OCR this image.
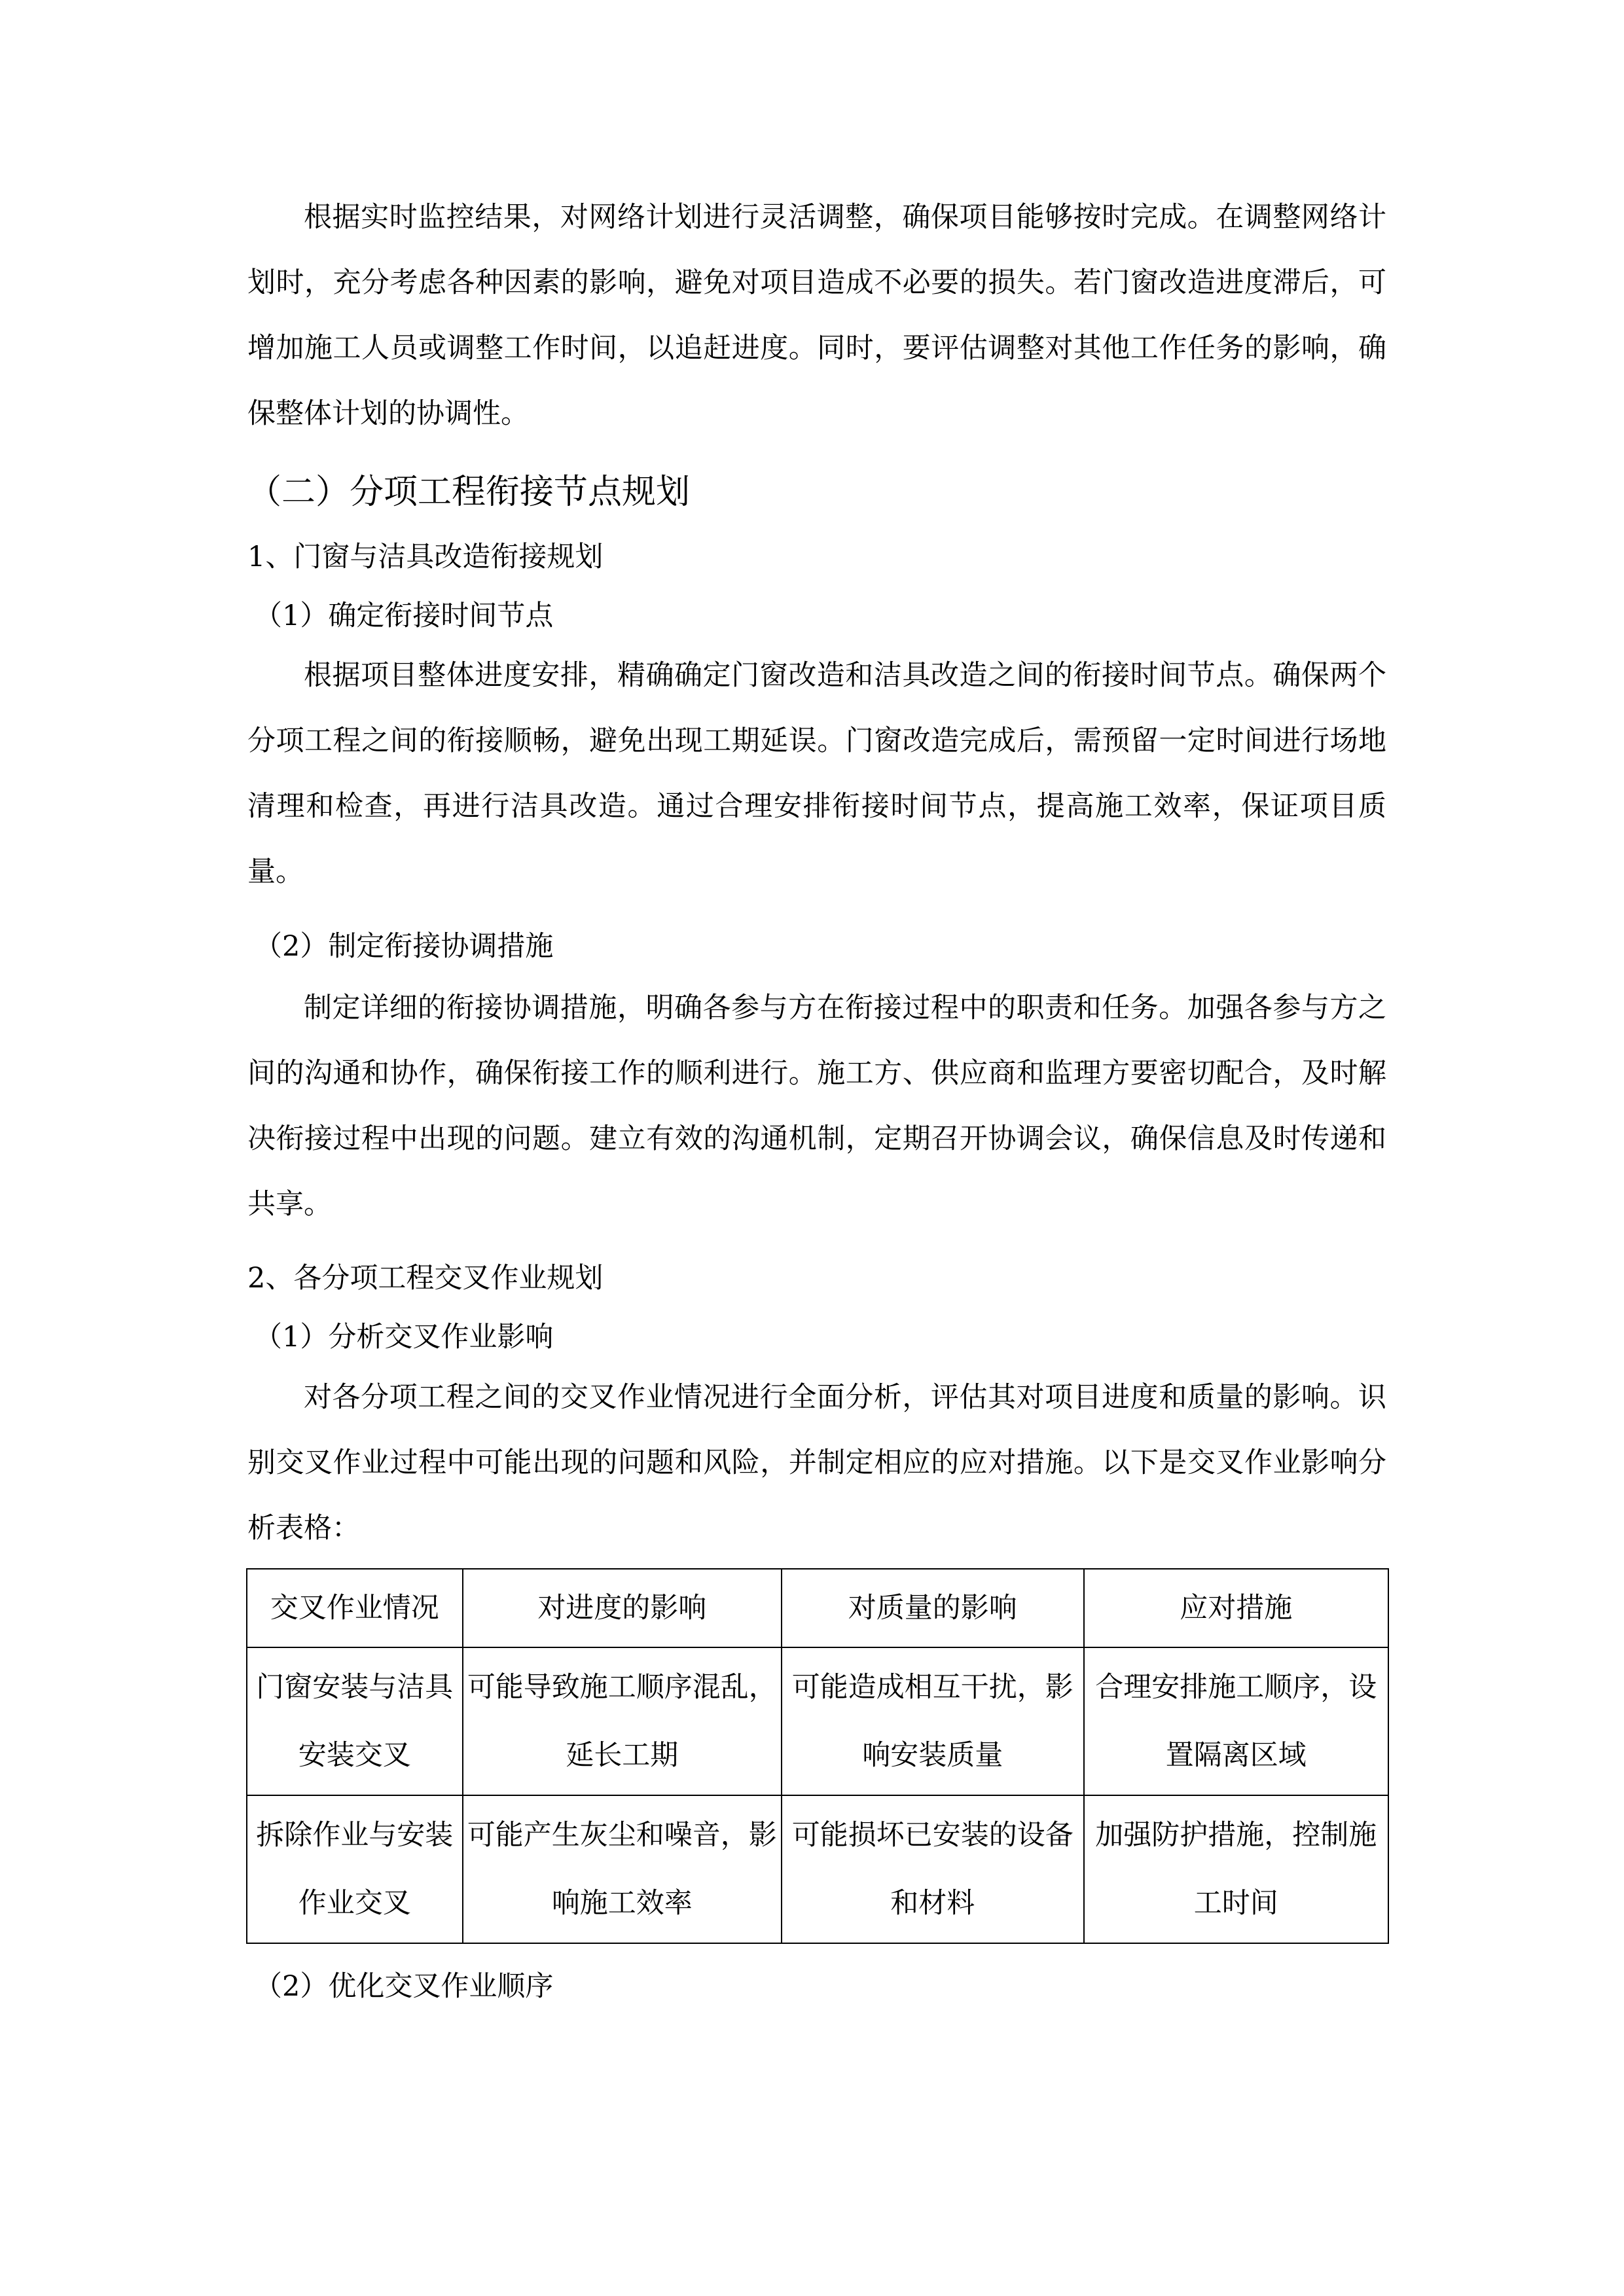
根据实时监控结果，对网络计划进行灵活调整，确保项目能够按时完成。在调整网络计划时，充分考虑各种因素的影响，避免对项目造成不必要的损失。若门窗改造进度滞后，可增加施工人员或调整工作时间，以追赶进度。同时，要评估调整对其他工作任务的影响，确保整体计划的协调性。

（二）分项工程衔接节点规划
1、门窗与洁具改造衔接规划
（1）确定衔接时间节点

根据项目整体进度安排，精确确定门窗改造和洁具改造之间的衔接时间节点。确保两个分项工程之间的衔接顺畅，避免出现工期延误。门窗改造完成后，需预留一定时间进行场地清理和检查，再进行洁具改造。通过合理安排衔接时间节点，提高施工效率，保证项目质量。

（2）制定衔接协调措施

制定详细的衔接协调措施，明确各参与方在衔接过程中的职责和任务。加强各参与方之间的沟通和协作，确保衔接工作的顺利进行。施工方、供应商和监理方要密切配合，及时解决衔接过程中出现的问题。建立有效的沟通机制，定期召开协调会议，确保信息及时传递和共享。

2、各分项工程交叉作业规划
（1）分析交叉作业影响

对各分项工程之间的交叉作业情况进行全面分析，评估其对项目进度和质量的影响。识别交叉作业过程中可能出现的问题和风险，并制定相应的应对措施。以下是交叉作业影响分析表格：

交叉作业情况	对进度的影响	对质量的影响	应对措施
门窗安装与洁具安装交叉	可能导致施工顺序混乱，延长工期	可能造成相互干扰，影响安装质量	合理安排施工顺序，设置隔离区域
拆除作业与安装作业交叉	可能产生灰尘和噪音，影响施工效率	可能损坏已安装的设备和材料	加强防护措施，控制施工时间
（2）优化交叉作业顺序
